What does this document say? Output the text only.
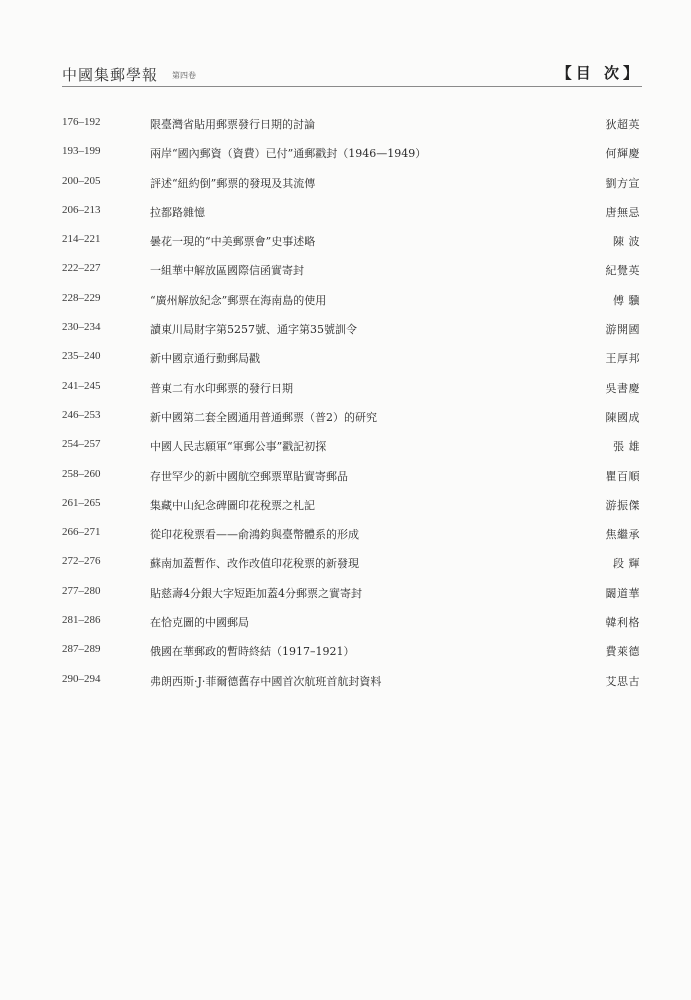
中國集郵學報 第四卷	【目 次】
176–192	限臺灣省貼用郵票發行日期的討論	狄超英
193–199	兩岸“國內郵資（資費）已付”通郵戳封（1946—1949）	何輝慶
200–205	評述“紐約倒”郵票的發現及其流傳	劉方宣
206–213	拉都路雜憶	唐無忌
214–221	曇花一現的“中美郵票會”史事述略	陳 波
222–227	一組華中解放區國際信函實寄封	紀覺英
228–229	“廣州解放紀念”郵票在海南島的使用	傅 驥
230–234	讀東川局財字第5257號、通字第35號訓令	游開國
235–240	新中國京通行動郵局戳	王厚邦
241–245	普東二有水印郵票的發行日期	吳書慶
246–253	新中國第二套全國通用普通郵票（普2）的研究	陳國成
254–257	中國人民志願軍“軍郵公事”戳記初探	張 雄
258–260	存世罕少的新中國航空郵票單貼實寄郵品	瞿百順
261–265	集藏中山紀念碑圖印花稅票之札記	游振傑
266–271	從印花稅票看——俞鴻鈞與臺幣體系的形成	焦繼承
272–276	蘇南加蓋暫作、改作改值印花稅票的新發現	段 輝
277–280	貼慈壽4分銀大字短距加蓋4分郵票之實寄封	闞道華
281–286	在恰克圖的中國郵局	韓利格
287–289	俄國在華郵政的暫時終結（1917–1921）	費萊德
290–294	弗朗西斯·J·菲爾德舊存中國首次航班首航封資料	艾思古
